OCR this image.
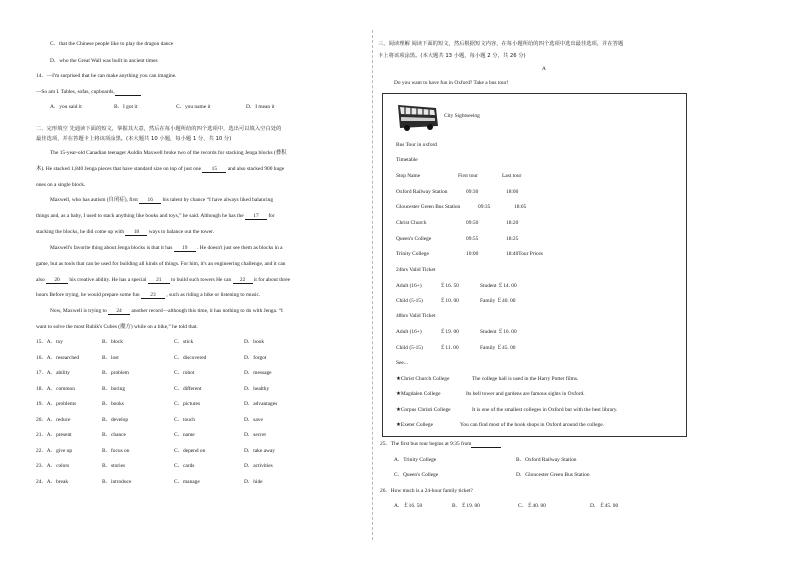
C．that the Chinese people like to play the dragon dance
D．who the Great Wall was built in ancient times
14．—I'm surprised that he can make anything you can imagine.
—So am I. Tables, sofas, cupboards,
A．you said it	B．I got it	C．you name it	D．I mean it
二、完形填空 先通读下面的短文，掌握其大意，然后在每小题所给的四个选项中，选出可以填入空白处的
最佳选项，并在答题卡上将该项涂黑。(本大题共 10 小题，每小题 1 分，共 10 分)
The 15-year-old Canadian teenager Auldin Maxwell broke two of the records for stacking Jenga blocks (叠积
木). He stacked 1,840 Jenga pieces that have standard size on top of just one 15 and also stacked 900 huge
ones on a single block.
Maxwell, who has autism (自闭症), first 16 his talent by chance “I have always liked balancing
things and, as a baby, I used to stack anything like books and toys,” he said. Although he has the 17 for
stacking the blocks, he did come up with 18 ways to balance out the tower.
Maxwell's favorite thing about Jenga blocks is that it has 19 . He doesn't just see them as blocks in a
game, but as tools that can be used for building all kinds of things. For him, it's an engineering challenge, and it can
also 20 his creative ability. He has a special 21 to build such towers He can 22 it for about three
hours Before trying, he would prepare some fun 23 , such as riding a bike or listening to music.
Now, Maxwell is trying to 24 another record—although this time, it has nothing to do with Jenga. “I
want to solve the most Rubik's Cubes (魔方) while on a bike,” he told that.
15．A．toy	B．block	C．stick	D．book
16．A．researched	B．lost	C．discovered	D．forgot
17．A．ability	B．problem	C．robot	D．message
18．A．common	B．boring	C．different	D．healthy
19．A．problems	B．books	C．pictures	D．advantages
20．A．reduce	B．develop	C．touch	D．save
21．A．present	B．chance	C．name	D．secret
22．A．give up	B．focus on	C．depend on	D．take away
23．A．colors	B．stories	C．cards	D．activities
24．A．break	B．introduce	C．manage	D．hide
三、阅读理解 阅读下面的短文，然后根据短文内容，在每小题所给的四个选项中选出最佳选项，并在答题
卡上将该项涂黑。(本大题共 13 小题，每小题 2 分，共 26 分)
A
Do you want to have fun in Oxford? Take a bus tour!
City Sightseeing
Bus Tour in oxford
Timetable
Stop Name	First tour	Last tour
Oxford Railway Station	09:30	18:00
Gloucester Green Bus Station	09:35	18:05
Christ Church	09:50	18:20
Queen's College	09:55	18:25
Trinity College	10:00	18:40Tour Prices
24hrs Valid Ticket
Adult (16+)	￡16. 50	Student ￡14. 00
Child (5-15)	￡10. 00	Family ￡40. 00
48hrs Valid Ticket
Adult (16+)	￡19. 00	Student ￡16. 00
Child (5-15)	￡11. 00	Family ￡45. 00
See...
★Christ Church College	The college hall is used in the Harry Potter films.
★Magdalen College	Its bell tower and gardens are famous sights in Oxford.
★Corpus Christi College	It is one of the smallest colleges in Oxford but with the best library.
★Exeter College	You can find most of the book shops in Oxford around the college.
25．The first bus tour begins at 9:35 from
A．Trinity College	B．Oxford Railway Station
C．Queen's College	D．Gloucester Green Bus Station
26．How much is a 24-hour family ticket?
A．￡16. 50	B．￡19. 00	C．￡40. 00	D．￡45. 00
